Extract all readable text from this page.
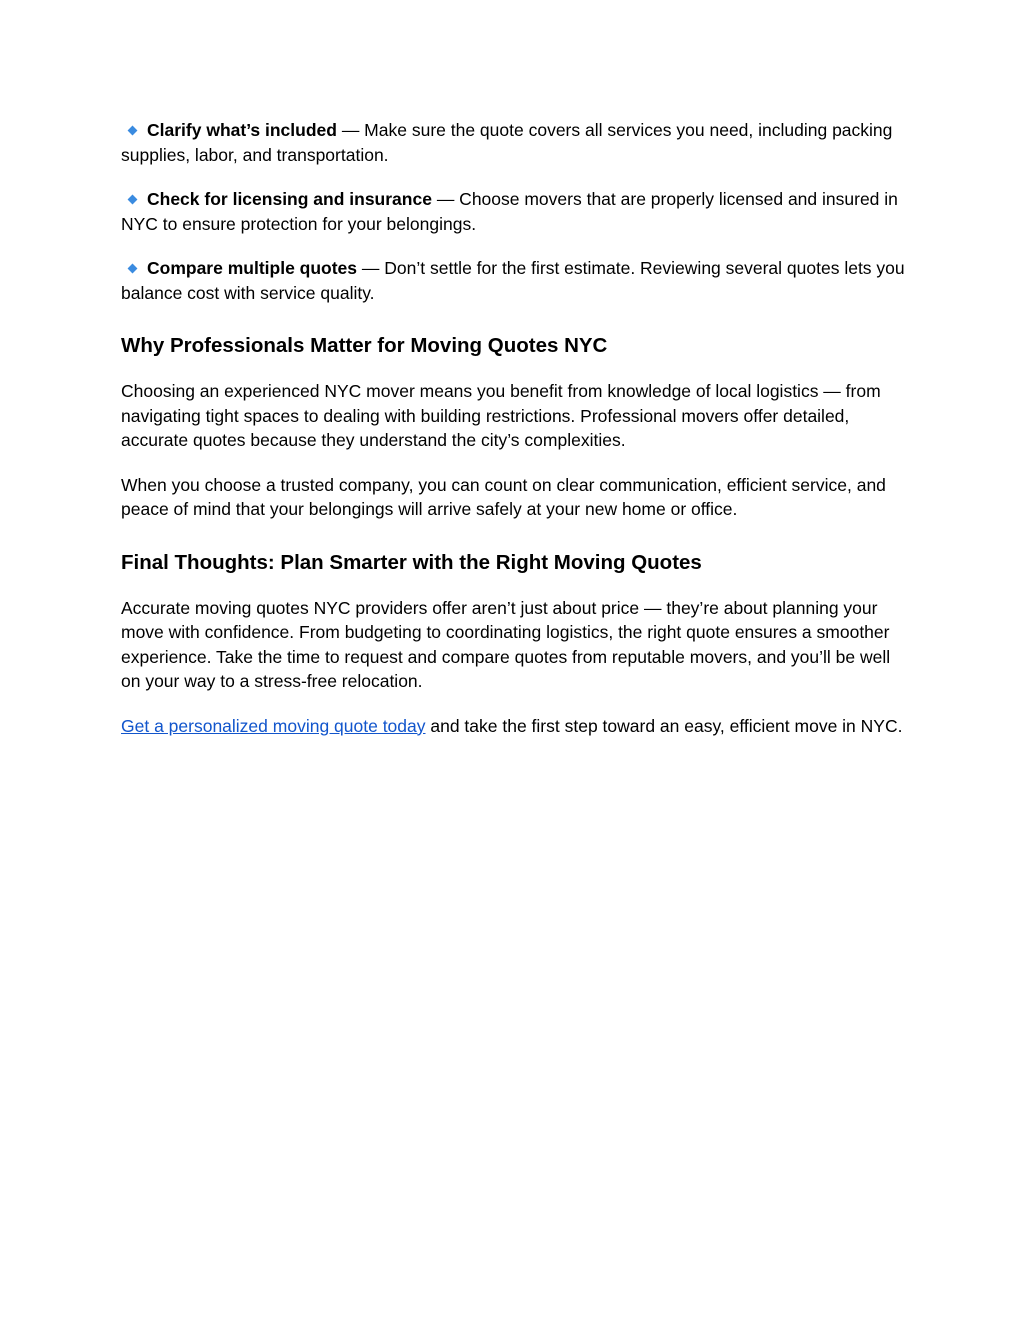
Clarify what’s included — Make sure the quote covers all services you need, including packing supplies, labor, and transportation.

Check for licensing and insurance — Choose movers that are properly licensed and insured in NYC to ensure protection for your belongings.

Compare multiple quotes — Don’t settle for the first estimate. Reviewing several quotes lets you balance cost with service quality.

Why Professionals Matter for Moving Quotes NYC

Choosing an experienced NYC mover means you benefit from knowledge of local logistics — from navigating tight spaces to dealing with building restrictions. Professional movers offer detailed, accurate quotes because they understand the city’s complexities.

When you choose a trusted company, you can count on clear communication, efficient service, and peace of mind that your belongings will arrive safely at your new home or office.

Final Thoughts: Plan Smarter with the Right Moving Quotes

Accurate moving quotes NYC providers offer aren’t just about price — they’re about planning your move with confidence. From budgeting to coordinating logistics, the right quote ensures a smoother experience. Take the time to request and compare quotes from reputable movers, and you’ll be well on your way to a stress-free relocation.

Get a personalized moving quote today and take the first step toward an easy, efficient move in NYC.
